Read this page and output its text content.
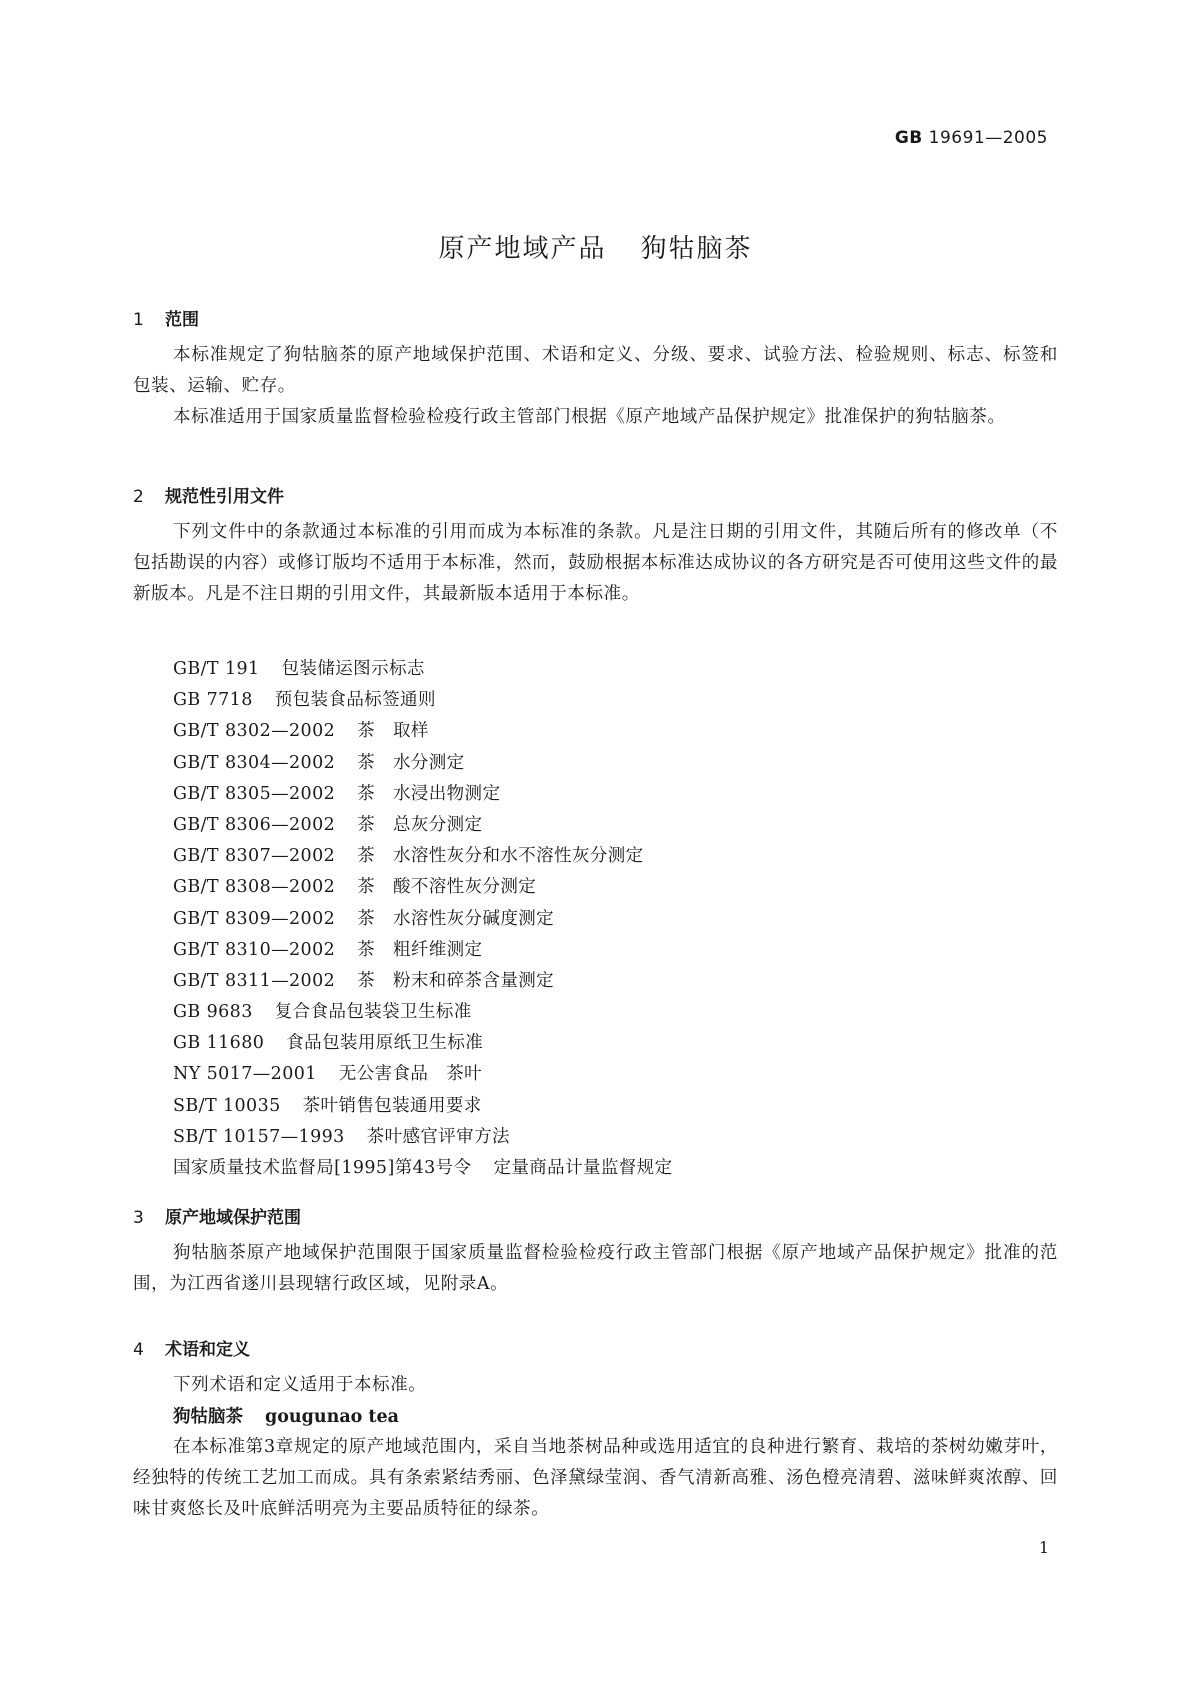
GB 19691—2005
原产地域产品 狗牯脑茶
1 范围

本标准规定了狗牯脑茶的原产地域保护范围、术语和定义、分级、要求、试验方法、检验规则、标志、标签和包装、运输、贮存。

本标准适用于国家质量监督检验检疫行政主管部门根据《原产地域产品保护规定》批准保护的狗牯脑茶。

2 规范性引用文件

下列文件中的条款通过本标准的引用而成为本标准的条款。凡是注日期的引用文件，其随后所有的修改单（不包括勘误的内容）或修订版均不适用于本标准，然而，鼓励根据本标准达成协议的各方研究是否可使用这些文件的最新版本。凡是不注日期的引用文件，其最新版本适用于本标准。

GB/T 191 包装储运图示标志
GB 7718 预包装食品标签通则
GB/T 8302—2002 茶　取样
GB/T 8304—2002 茶　水分测定
GB/T 8305—2002 茶　水浸出物测定
GB/T 8306—2002 茶　总灰分测定
GB/T 8307—2002 茶　水溶性灰分和水不溶性灰分测定
GB/T 8308—2002 茶　酸不溶性灰分测定
GB/T 8309—2002 茶　水溶性灰分碱度测定
GB/T 8310—2002 茶　粗纤维测定
GB/T 8311—2002 茶　粉末和碎茶含量测定
GB 9683 复合食品包装袋卫生标准
GB 11680 食品包装用原纸卫生标准
NY 5017—2001 无公害食品　茶叶
SB/T 10035 茶叶销售包装通用要求
SB/T 10157—1993 茶叶感官评审方法
国家质量技术监督局[1995]第43号令 定量商品计量监督规定
3 原产地域保护范围

狗牯脑茶原产地域保护范围限于国家质量监督检验检疫行政主管部门根据《原产地域产品保护规定》批准的范围，为江西省遂川县现辖行政区域，见附录A。

4 术语和定义

下列术语和定义适用于本标准。

狗牯脑茶 gougunao tea

在本标准第3章规定的原产地域范围内，采自当地茶树品种或选用适宜的良种进行繁育、栽培的茶树幼嫩芽叶，经独特的传统工艺加工而成。具有条索紧结秀丽、色泽黛绿莹润、香气清新高雅、汤色橙亮清碧、滋味鲜爽浓醇、回味甘爽悠长及叶底鲜活明亮为主要品质特征的绿茶。

1
